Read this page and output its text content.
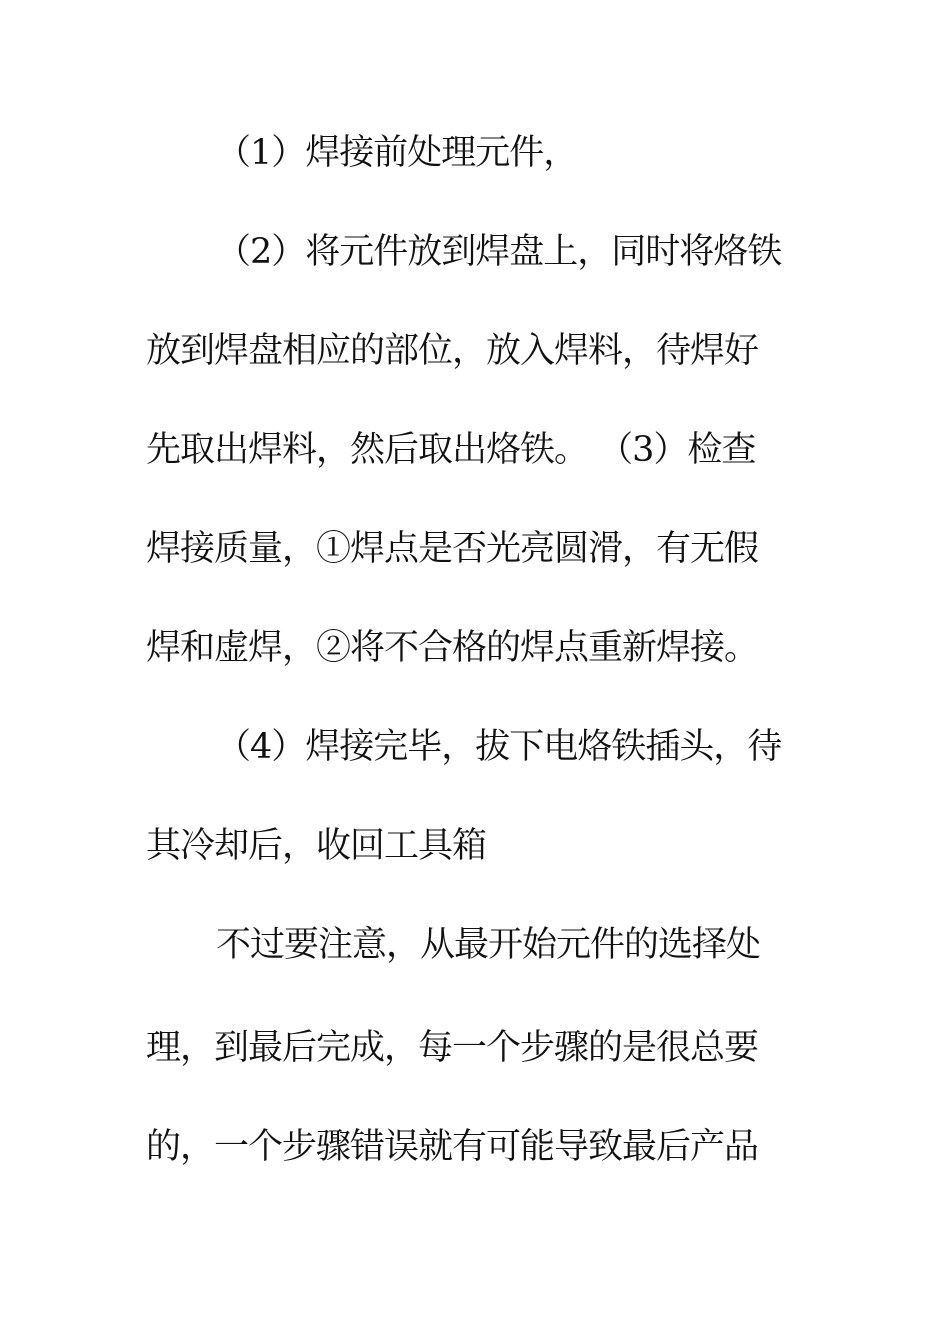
（1）焊接前处理元件，
（2）将元件放到焊盘上，同时将烙铁
放到焊盘相应的部位，放入焊料，待焊好
先取出焊料，然后取出烙铁。 （3）检查
焊接质量，①焊点是否光亮圆滑，有无假
焊和虚焊，②将不合格的焊点重新焊接。
（4）焊接完毕，拔下电烙铁插头，待
其冷却后，收回工具箱
不过要注意，从最开始元件的选择处
理，到最后完成，每一个步骤的是很总要
的，一个步骤错误就有可能导致最后产品
